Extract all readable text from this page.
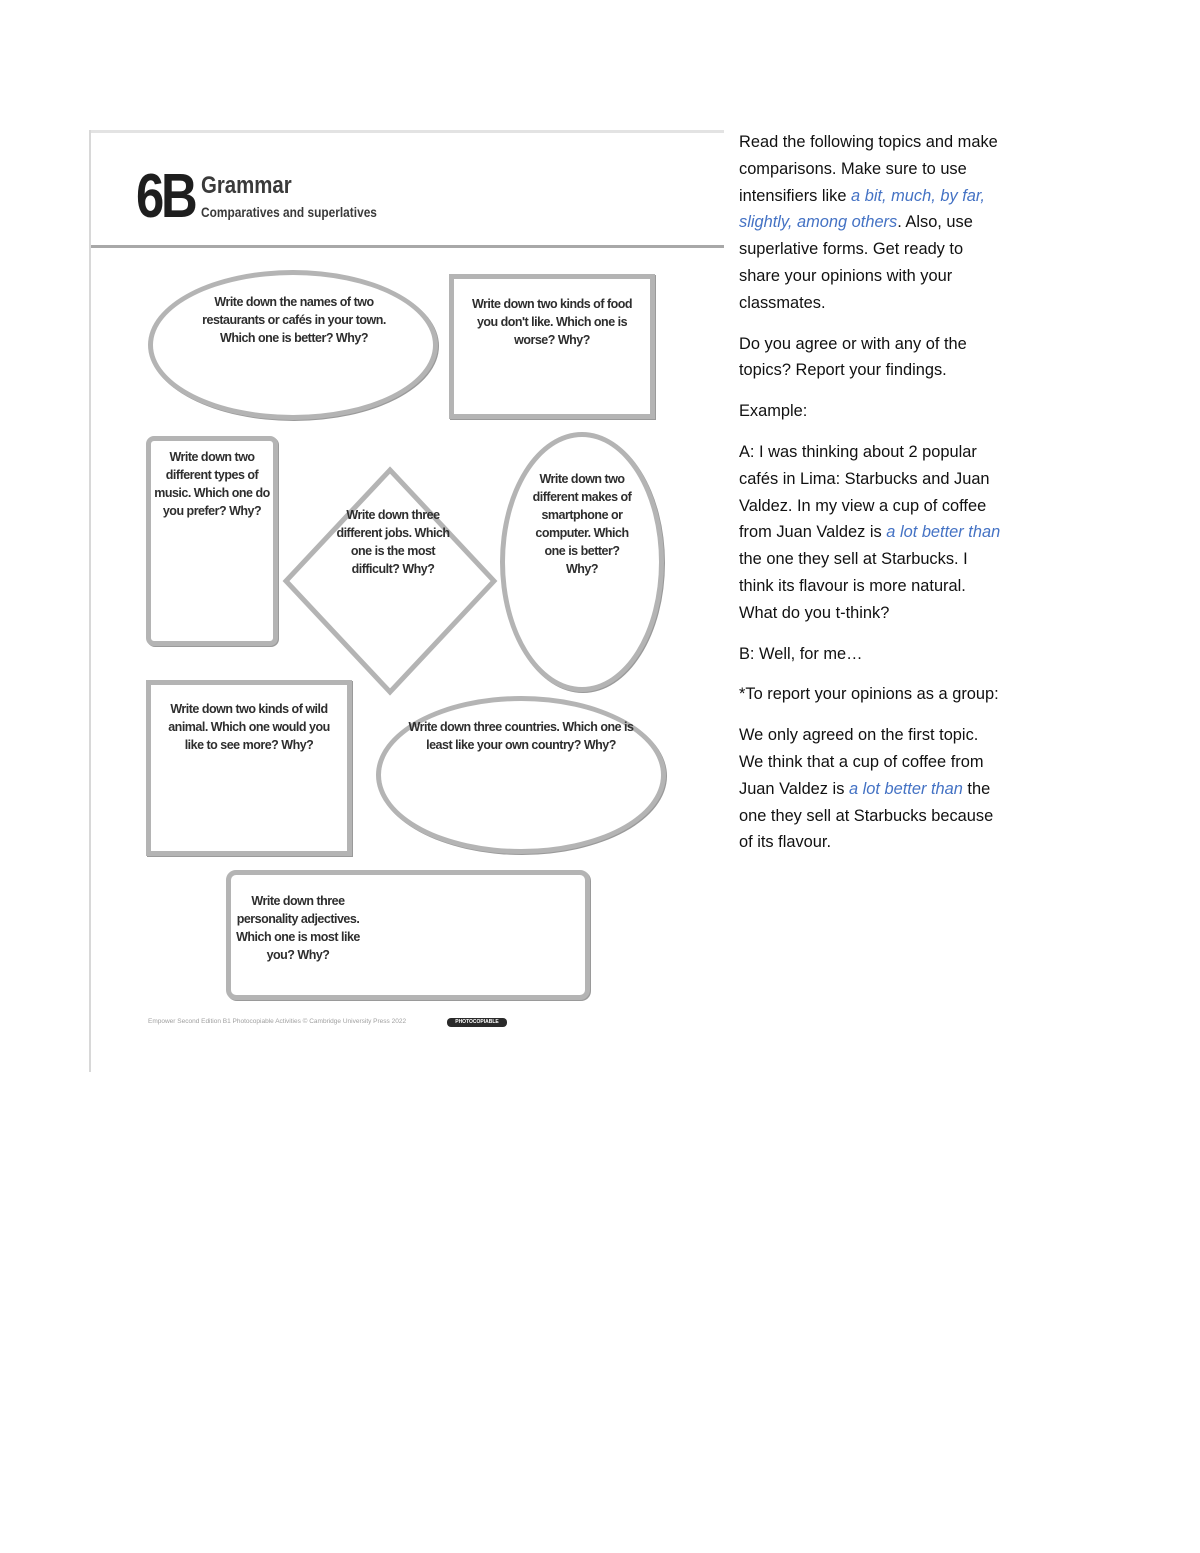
6B Grammar
Comparatives and superlatives
Write down the names of two restaurants or cafés in your town. Which one is better? Why?
Write down two kinds of food you don't like. Which one is worse? Why?
Write down two different types of music. Which one do you prefer? Why?	Write down three different jobs. Which one is the most difficult? Why?
Write down two different makes of smartphone or computer. Which one is better? Why?
Write down two kinds of wild animal. Which one would you like to see more? Why?
Write down three countries. Which one is least like your own country? Why?
Write down three personality adjectives. Which one is most like you? Why?
Empower Second Edition B1 Photocopiable Activities © Cambridge University Press 2022	PHOTOCOPIABLE

Read the following topics and make comparisons. Make sure to use intensifiers like a bit, much, by far, slightly, among others. Also, use superlative forms. Get ready to share your opinions with your classmates.

Do you agree or with any of the topics? Report your findings.

Example:

A: I was thinking about 2 popular cafés in Lima: Starbucks and Juan Valdez. In my view a cup of coffee from Juan Valdez is a lot better than the one they sell at Starbucks. I think its flavour is more natural. What do you t-think?

B: Well, for me…

*To report your opinions as a group:

We only agreed on the first topic. We think that a cup of coffee from Juan Valdez is a lot better than the one they sell at Starbucks because of its flavour.
